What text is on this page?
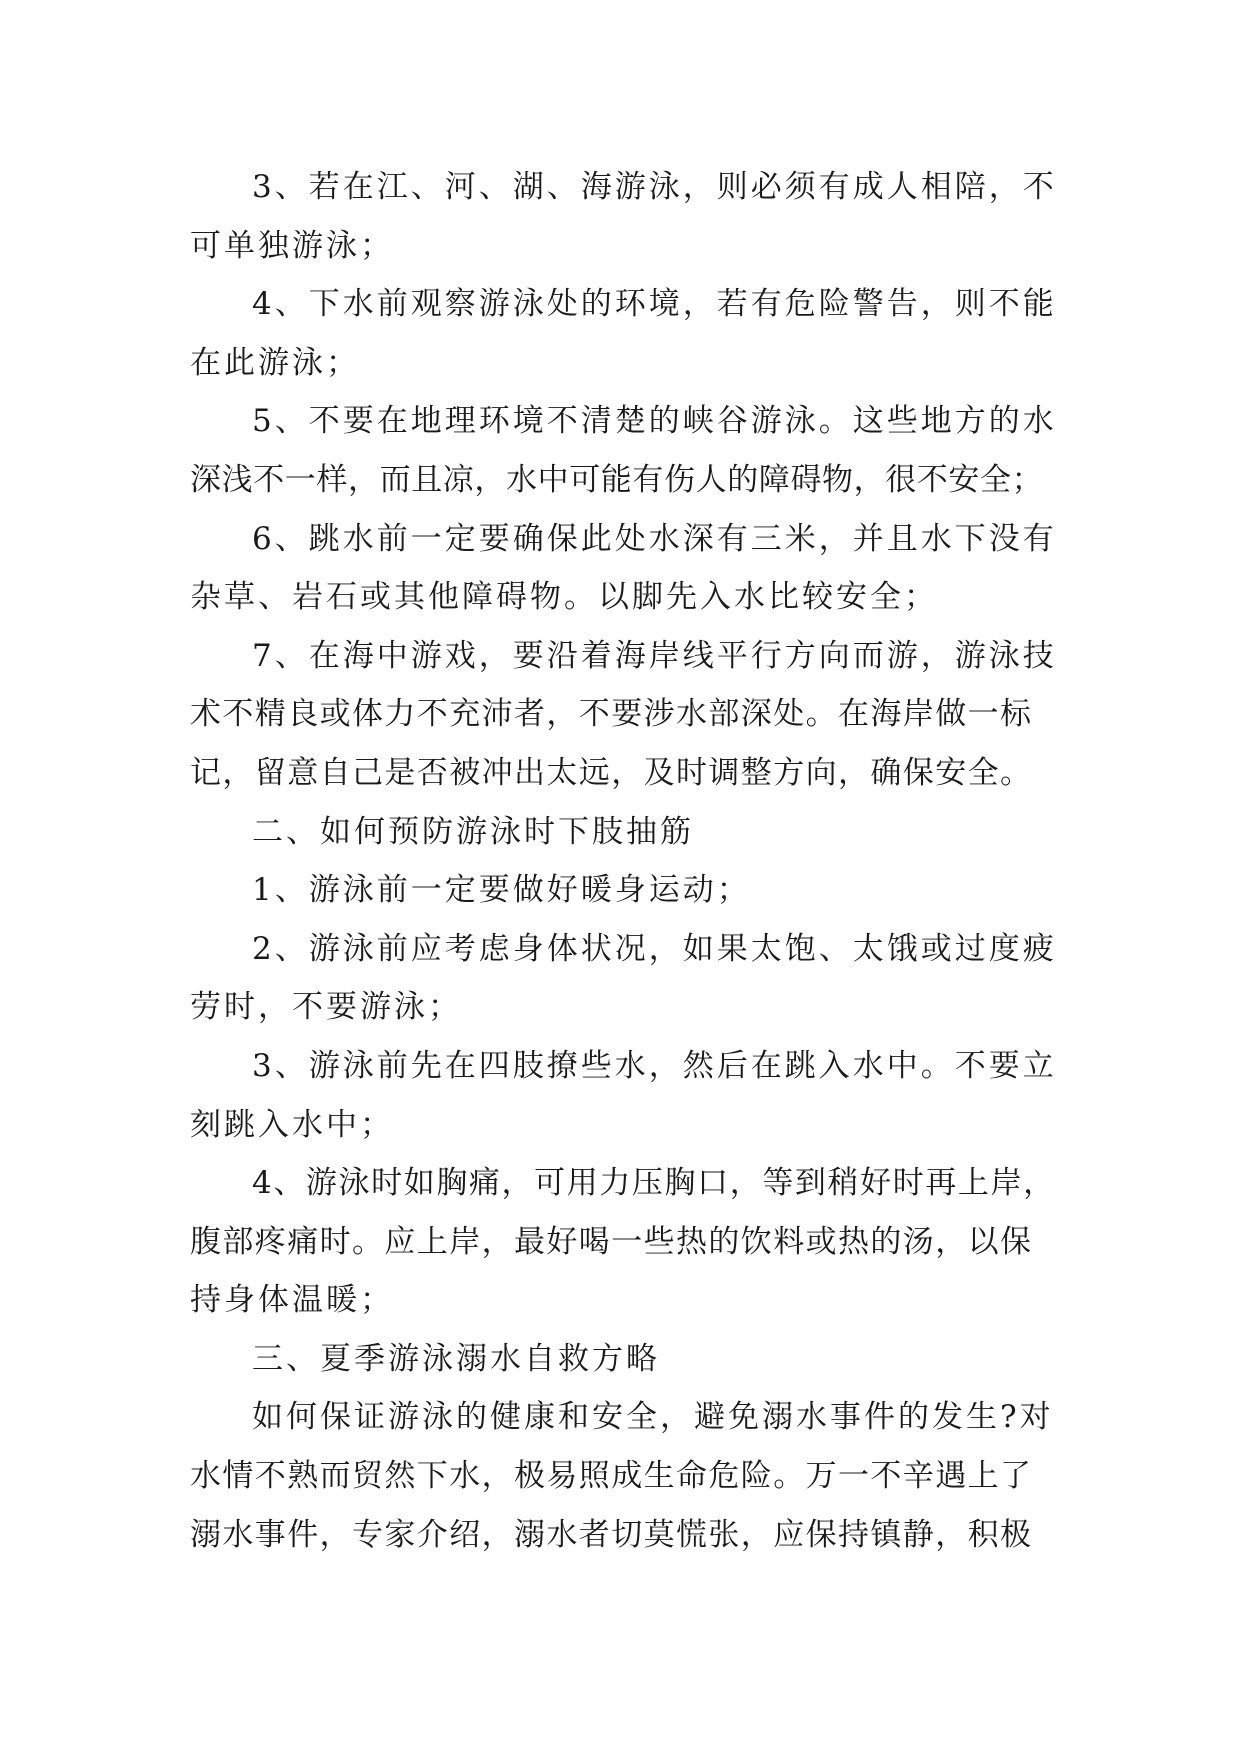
3、若在江、河、湖、海游泳，则必须有成人相陪，不
可单独游泳；

4、下水前观察游泳处的环境，若有危险警告，则不能
在此游泳；

5、不要在地理环境不清楚的峡谷游泳。这些地方的水
深浅不一样，而且凉，水中可能有伤人的障碍物，很不安全；

6、跳水前一定要确保此处水深有三米，并且水下没有
杂草、岩石或其他障碍物。以脚先入水比较安全；

7、在海中游戏，要沿着海岸线平行方向而游，游泳技
术不精良或体力不充沛者，不要涉水部深处。在海岸做一标
记，留意自己是否被冲出太远，及时调整方向，确保安全。

二、如何预防游泳时下肢抽筋

1、游泳前一定要做好暖身运动；

2、游泳前应考虑身体状况，如果太饱、太饿或过度疲
劳时，不要游泳；

3、游泳前先在四肢撩些水，然后在跳入水中。不要立
刻跳入水中；

4、游泳时如胸痛，可用力压胸口，等到稍好时再上岸，
腹部疼痛时。应上岸，最好喝一些热的饮料或热的汤，以保
持身体温暖；

三、夏季游泳溺水自救方略

如何保证游泳的健康和安全，避免溺水事件的发生?对
水情不熟而贸然下水，极易照成生命危险。万一不辛遇上了
溺水事件，专家介绍，溺水者切莫慌张，应保持镇静，积极
